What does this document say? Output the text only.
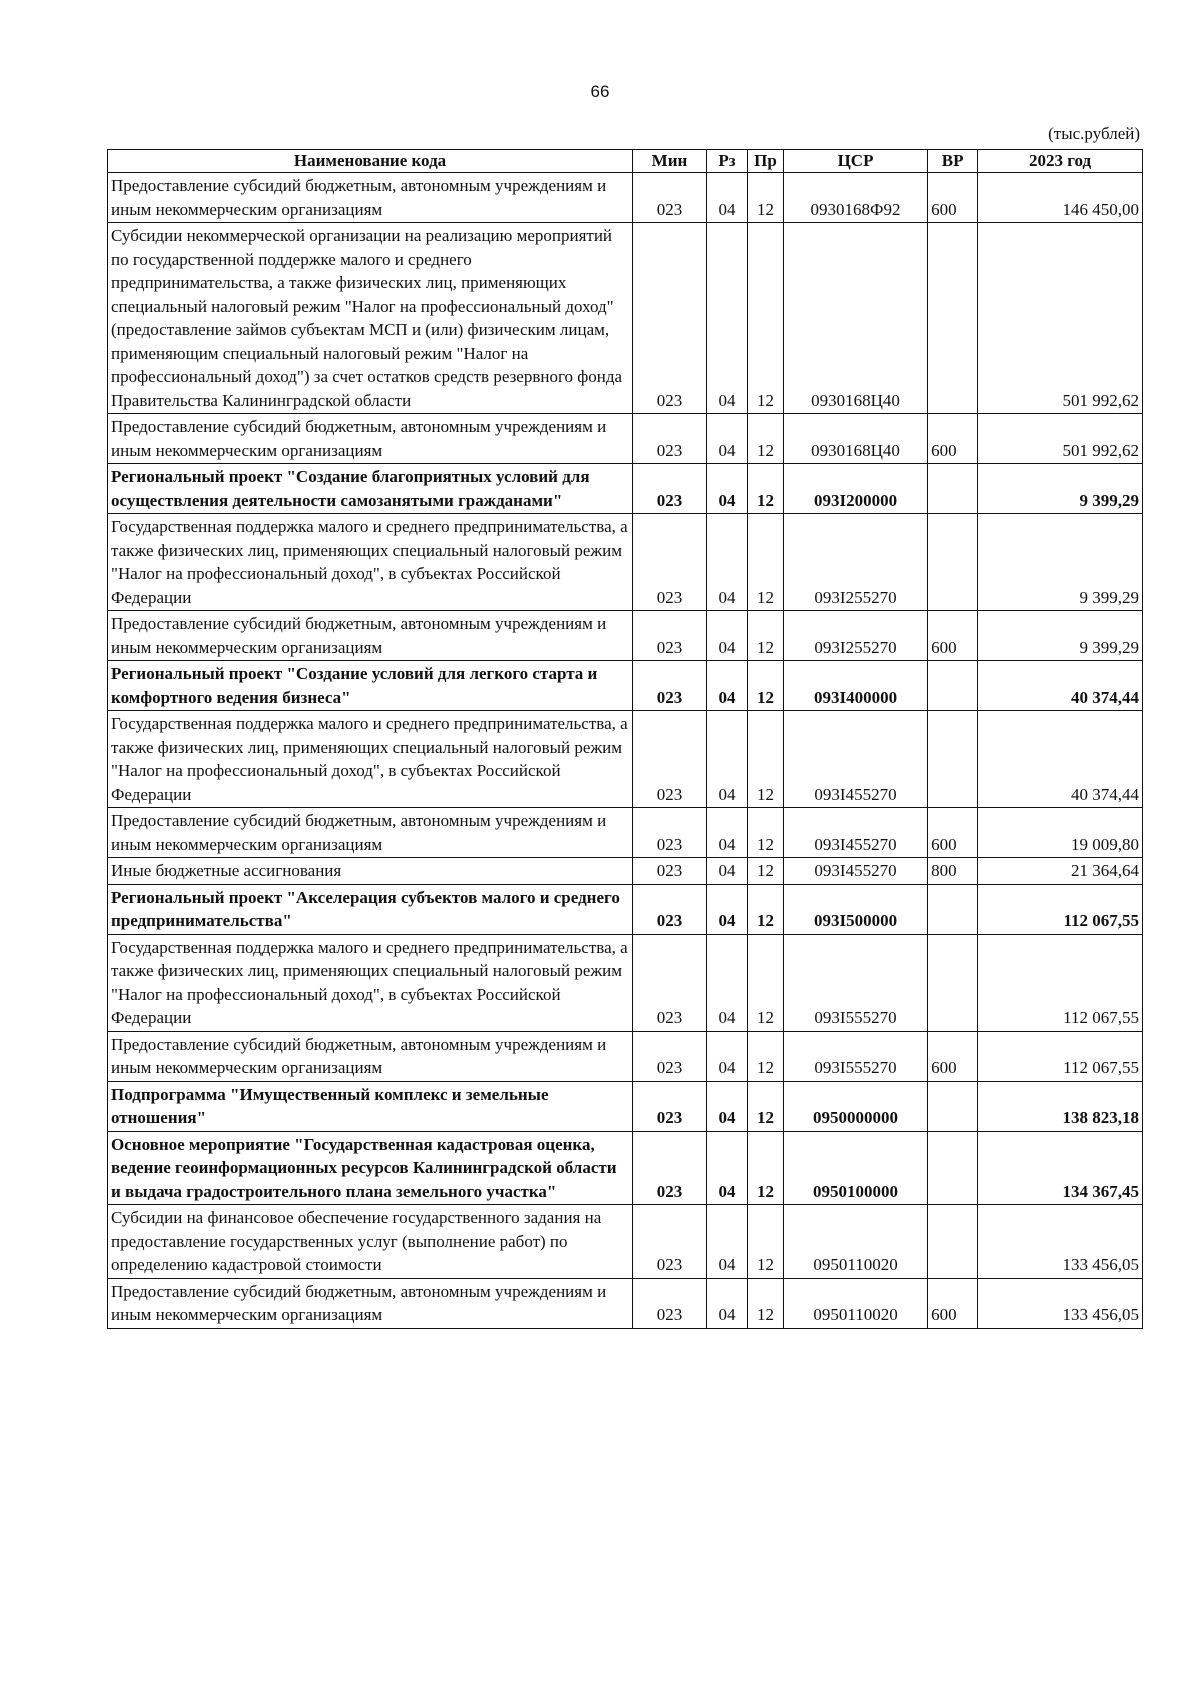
66
(тыс.рублей)
Наименование кода	Мин	Рз	Пр	ЦСР	ВР	2023 год
Предоставление субсидий бюджетным, автономным учреждениям и иным некоммерческим организациям	023	04	12	0930168Ф92	600	146 450,00
Субсидии некоммерческой организации на реализацию мероприятий по государственной поддержке малого и среднего предпринимательства, а также физических лиц, применяющих специальный налоговый режим "Налог на профессиональный доход" (предоставление займов субъектам МСП и (или) физическим лицам, применяющим специальный налоговый режим "Налог на профессиональный доход") за счет остатков средств резервного фонда Правительства Калининградской области	023	04	12	0930168Ц40		501 992,62
Предоставление субсидий бюджетным, автономным учреждениям и иным некоммерческим организациям	023	04	12	0930168Ц40	600	501 992,62
Региональный проект "Создание благоприятных условий для осуществления деятельности самозанятыми гражданами"	023	04	12	093I200000		9 399,29
Государственная поддержка малого и среднего предпринимательства, а также физических лиц, применяющих специальный налоговый режим "Налог на профессиональный доход", в субъектах Российской Федерации	023	04	12	093I255270		9 399,29
Предоставление субсидий бюджетным, автономным учреждениям и иным некоммерческим организациям	023	04	12	093I255270	600	9 399,29
Региональный проект "Создание условий для легкого старта и комфортного ведения бизнеса"	023	04	12	093I400000		40 374,44
Государственная поддержка малого и среднего предпринимательства, а также физических лиц, применяющих специальный налоговый режим "Налог на профессиональный доход", в субъектах Российской Федерации	023	04	12	093I455270		40 374,44
Предоставление субсидий бюджетным, автономным учреждениям и иным некоммерческим организациям	023	04	12	093I455270	600	19 009,80
Иные бюджетные ассигнования	023	04	12	093I455270	800	21 364,64
Региональный проект "Акселерация субъектов малого и среднего предпринимательства"	023	04	12	093I500000		112 067,55
Государственная поддержка малого и среднего предпринимательства, а также физических лиц, применяющих специальный налоговый режим "Налог на профессиональный доход", в субъектах Российской Федерации	023	04	12	093I555270		112 067,55
Предоставление субсидий бюджетным, автономным учреждениям и иным некоммерческим организациям	023	04	12	093I555270	600	112 067,55
Подпрограмма "Имущественный комплекс и земельные отношения"	023	04	12	0950000000		138 823,18
Основное мероприятие "Государственная кадастровая оценка, ведение геоинформационных ресурсов Калининградской области и выдача градостроительного плана земельного участка"	023	04	12	0950100000		134 367,45
Субсидии на финансовое обеспечение государственного задания на предоставление государственных услуг (выполнение работ) по определению кадастровой стоимости	023	04	12	0950110020		133 456,05
Предоставление субсидий бюджетным, автономным учреждениям и иным некоммерческим организациям	023	04	12	0950110020	600	133 456,05
